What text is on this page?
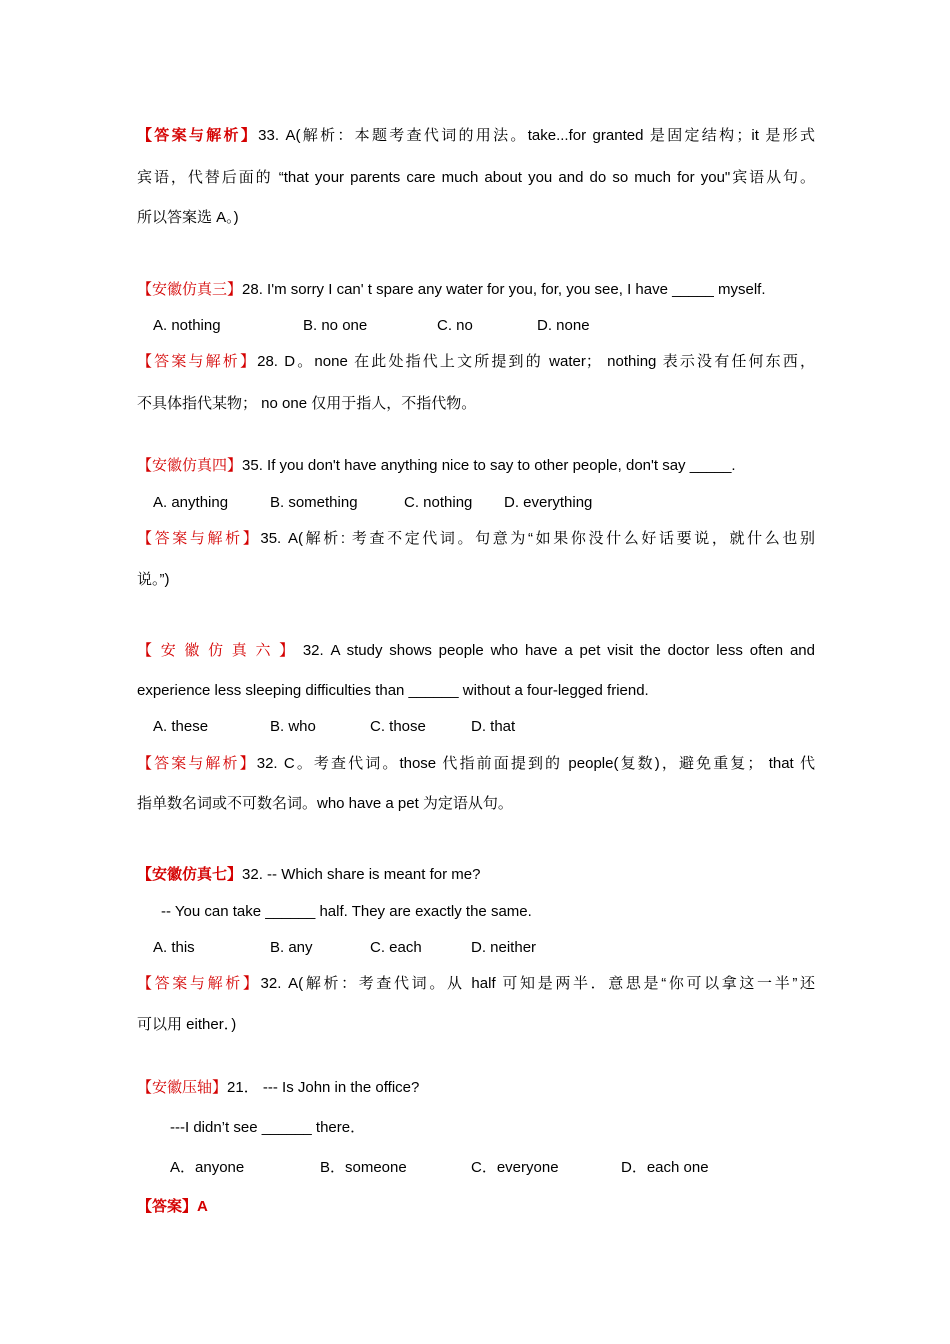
【答案与解析】33. A(解析：本题考查代词的用法。take...for granted 是固定结构；it 是形式
宾语，代替后面的 “that your parents care much about you and do so much for you"宾语从句。
所以答案选 A。)
【安徽仿真三】28. I'm sorry I can' t spare any water for you, for, you see, I have _____ myself.
A. nothing	B. no one	C. no	D. none
【答案与解析】28. D。none 在此处指代上文所提到的 water； nothing 表示没有任何东西，
不具体指代某物； no one 仅用于指人，不指代物。
【安徽仿真四】35. If you don't have anything nice to say to other people, don't say _____.
A. anything	B. something	C. nothing D. everything
【答案与解析】35. A(解析: 考查不定代词。句意为“如果你没什么好话要说，就什么也别
说。”)
【安徽仿真六】32. A study shows people who have a pet visit the doctor less often and
experience less sleeping difficulties than ______ without a four-legged friend.
A. these	B. who	C. those	D. that
【答案与解析】32. C。考查代词。those 代指前面提到的 people(复数)，避免重复； that 代
指单数名词或不可数名词。who have a pet 为定语从句。
【安徽仿真七】32. -- Which share is meant for me?
-- You can take ______ half. They are exactly the same.
A. this	B. any	C. each	D. neither
【答案与解析】32. A(解析：考查代词。从 half 可知是两半．意思是“你可以拿这一半”还
可以用 either．)
【安徽压轴】21． --- Is John in the office?
---I didn’t see ______ there．
A．anyone	B．someone	C．everyone	D．each one
【答案】A
